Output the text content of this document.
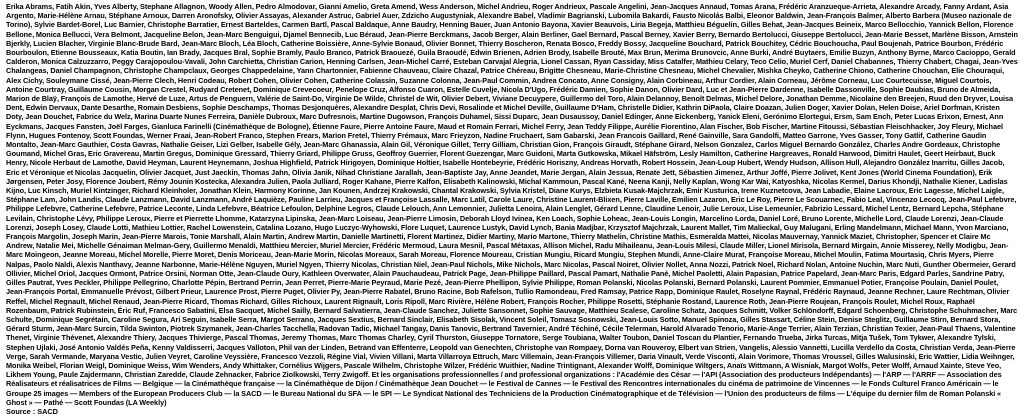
Erika Abrams, Fatih Akin, Yves Alberty, Stephane Allagnon, Woody Allen, Pedro Almodovar, Gianni Amelio, Greta Amend, Wess Anderson, Michel Andrieu, Roger Andrieux, Pascale Angelini, Jean-Jacques Annaud, Tomas Arana, Frédéric Aranzueque-Arrieta, Alexandre Arcady, Fanny Ardant, Asia Argento, Marie-Hélène Arnau, Stéphane Arnoux, Darren Aronofsky, Olivier Assayas, Alexander Astruc, Gabriel Auer, Zdzicho Augustyniak, Alexandre Babel, Vladimir Bagrianski, Lubomila Bakardi, Fausto Nicolás Balbi, Eleonor Baldwin, Jean-François Balmer, Alberto Barbera (Museo nazionale de Torino), Sylvie Bardet-Borel, Luc Barnier, Christophe Barratier, Ernest Barteldes, Carmen Bartl, Pascal Baldaque, Anne Baudry, Henning Bauer, Juan Antonio Bayona, Xavier Beauvois, Liria Begeja, Matthieu Béguelin, Gilles Behat, Jean-Jacques Beineix, Marco Bellocchio, Yannick Bellon, Florence Bellone, Monica Bellucci, Vera Belmont, Jacqueline Belon, Jean-Marc Benguigui, Djamel Bennecib, Luc Béraud, Jean-Pierre Berckmans, Jacob Berger, Alain Berliner, Gael Bernard, Pascal Berney, Xavier Berry, Bernardo Bertolucci, Giuseppe Bertolucci, Jean-Marie Besset, Marlène Bisson, Arnstein Bjerkly, Lucien Blacher, Virginie Blanc-Brude Bard, Jean-Marc Bloch, Léa Bloch, Catherine Boissière, Anne-Sylvie Bonaud, Olivier Bonnet, Thierry Boscheron, Renata Bosco, Freddy Bossy, Jacqueline Bouchard, Patrick Bouchitey, Cédric Bouchoucha, Paul Boujenah, Patrice Bourbon, Frédéric Bourboulon, Etienne Bousseaux, Katia Boutin, Ian Brady, Jacques Bral, Sophie Bramly, Paulo Branco, Patrick Braouezé, Guila Braoudé, Edwin Brienen, Adrien Brody, Isabelle Brouté, Max Brun, Merima Brunovcic, Anne Burki, André Buytaers, Emilie Buzyn, Anthony Byrne, Marco Cacioppo, Gerald Calderon, Monica Calzuzzarro, Peggy Carajopoulou-Vavali, John Carchietta, Christian Carion, Henning Carlsen, Jean-Michel Carré, Esteban Carvajal Alegria, Lionel Cassan, Ryan Cassiday, Miss Catalfer, Mathieu Celary, Teco Celio, Muriel Cerf, Daniel Chabannes, Thierry Chabert, Chagai, Jean-Yves Chalangeas, Daniel Champagnon, Christophe Champclaux, Georges Chappedelaine, Yann Chartonnier, Fabienne Chauveau, Claire Chazal, Patrice Chéreau, Brigitte Chesneau, Marie-Christine Chesneau, Michel Chevalier, Mishka Cheyko, Catherine Chiono, Catherine Chouchan, Elie Chouraqui, Alex Cichy, Souleymane Cissé, Jean-Pierre Clech, Henri Codeau, Robert Cohen, Olivier Cohen, Catherine Colassin, Suzanne Colonna, Jean-Paul Commin, Andrea Concato, Anne Consigny, Alain Corbineau, Arthur Cordier, Alain Corneau, Jérôme Corneau, Luc Courtecuisse, Miguel Courtois, Antoine Courtray, Guillaume Cousin, Morgan Crestel, Rudyard Cretenet, Dominique Crevecoeur, Penelope Cruz, Alfonso Cuaron, Estelle Cuvelje, Nicola D'Ugo, Frédéric Damien, Sophie Danon, Olivier Dard, Luc et Jean-Pierre Dardenne, Isabelle Dassonville, Sophie Daubias, Bruno de Almeida, Marion de Blaÿ, François de Lamothe, Hervé de Luze, Artus de Penguern, Valérie de Saint-Do, Virginie De Wilde, Christel de Wit, Olivier Debert, Viviane Decuypere, Guillermo del Toro, Alain Delannoy, Benoît Delmas, Michel Delore, Jonathan Demme, Nicolaine den Breejen, Ruud den Dryver, Louisa Dent, Edwin Dervaux, Dante Desarthe, Romain Desbiens, Sophie Deschamps, Thomas Desjonquères, Alexandre Desplat, Chris Devi, Rosalinde et Michel Deville, Guillaume D'Ham, Christelle Didier, Kathrin DiPaola, Claire Doazan, Julien Doger, Xavier Dolan, Helen Doise, Ariel Dorfman, Kristen Doty, Jean Douchet, Fabrice du Welz, Marina Duarte Nunes Ferreira, Danièle Dubroux, Marc Dufresnois, Martine Dugowson, François Duhamel, Sissi Duparc, Jean Dusaussoy, Daniel Edinger, Anne Eickenberg, Yanick Eleni, Gerónimo Elortegui, Ersm, Sam Ench, Peter Lucas Erixon, Ernest, Ann Eyckmans, Jacques Fansten, Joël Farges, Gianluca Farinelli (Cinémathèque de Bologne), Étienne Faure, Pierre Antoine Faure, Maud et Romain Ferrari, Michel Ferry, Jean Teddy Filippe, Aurélie Fiorentino, Alan Fischer, Bob Fischer, Martine Fitoussi, Sébastian Fleischhacker, Joy Fleury, Michael Flynn, Hugues Fontenoy, Scott Foundas, Werner Fraai, Jean-Robert Franco, Stephen Frears, Marion Fretel, Thierry Frémaux, Marc Frieyzon, Nadine Fruchaert, Sam Gabarski, Jean Francois Gaillard, René Gainville, Sara Gandolfi, Matteo Garrone, Yves Gasser, Tony Gatlif, Catherine Gaudin Montalto, Jean-Marc Gauthier, Costa Gavras, Nathalie Geiser, Lizi Gelber, Isabelle Gély, Jean-Marc Ghanassia, Alain Gil, Véronique Gillet, Terry Gilliam, Christian Gion, François Giraudt, Stéphane Girard, Nelson Gonzalez, Carlos Miguel Bernardo González, Charles Andre Gordeaux, Christophe Goumand, Michel Gras, Eric Gravereau, Martin Gregus, Dominique Gressard, Thierry Griard, Philippe Gruss, Geoffroy Guerrier, Florent Guezengar, Marc Guidoni, Marta Gutkowska, Mikael Häfström, Lesly Hamilton, Catherine Hargreaves, Ronald Harwood, Dimitri Haulet, Geert Heirbaut, Buck Henry, Nicole Herbaut de Lamothe, David Heyman, Laurent Heynemann, Joshua Highfield, Patrick Hirigoyen, Dominique Holtier, Isabelle Hontebeyrie, Frédéric Horiszny, Andreas Horvath, Robert Hossein, Jean-Loup Hubert, Wendy Hudson, Allison Hull, Alejandro González Inarritu, Gilles Jacob, Eric et Véronique et Nicolas Jacquelin, Olivier Jacquet, Just Jaeckin, Thomas Jahn, Olivia Janik, Nihad Christiane Jarallah, Jean-Baptiste Jay, Anne Jeandet, Marie Jergan, Alain Jessua, Renate Jett, Sébastien Jimenez, Arthur Joffé, Pierre Jolivet, Kent Jones (World Cinema Foundation), Erik Jørgensen, Peter Josy, Florence Joubert, Rémy Jounin Kostecka, Alexandra Julien, Paola Julliard, Roger Kahane, Pierre Kalfon, Elisabeth Kalinowski, Michal Kammoun, Pascal Kané, Neena Kanji, Nelly Kaplan, Wong Kar Wai, Katyoshka, Nicolas Kermel, Darius Khondji, Nathalie Kiener, Ladislas Kijno, Luc Kinsch, Muriel Kintzinger, Richard Kleinholer, Jonathan Klein, Harmony Korinne, Jan Kounen, Andrzej Krakowski, Chantal Krakowski, Sylvia Kristel, Diane Kurys, Elzbieta Kusak-Majchrzak, Emir Kusturica, Irene Kuznetcova, Jean Labadie, Elaine Lacroux, Eric Lagesse, Michel Laigle, Stéphane Lam, John Landis, Claude Lanzmann, David Lanzmann, André Laquièze, Pauline Larrieu, Jacques et Françoise Lassalle, Marc Latil, Carole Laure, Christine Laurent-Blixen, Pierre Laville, Emilien Lazaron, Eric Le Roy, Pierre Le Scouarnec, Fabio Leal, Vincenzo Lecocq, Jean-Paul Lefebvre, Philippe Lefebvre, Catherine Lefebvre, Patrice Leconte, Linda Lefebvre, Béatrice Lefoulon, Delphine Legros, Claude Lelouch, Ann Lemonnier, Julietta Lenoira, Alain Lenglet, Gérard Lenne, Claudine Lenoir, Julie Leroux, Lise Lemeunier, Fabrizio Lessard, Michel Lentz, Bernard Lepcha, Stéphane Levilain, Christophe Lévy, Philippe Leroux, Pierre et Pierrette Lhomme, Katarzyna Lipinska, Jean-Marc Loiseau, Jean-Pierre Limosin, Deborah Lloyd Ivinea, Ken Loach, Sophie Loheac, Jean-Louis Longin, Marcelino Lorda, Daniel Loré, Bruno Lorente, Michelle Lord, Claude Lorenzi, Jean-Claude Lorenzi, Joseph Losey, Claude Lotti, Mathieu Lottier, Rachel Lowenstein, Catalina Lozano, Hugo Luczyc-Wyhowski, Flore Luquet, Laurence Lustyk, David Lynch, Bania Madjbar, Krzysztof Majchrzak, Laurent Mallet, Tim Malieckal, Guy Malugani, Erling Mandelmann, Michael Mann, Yvon Marciano, François Margolin, Joseph Marin, Jean-Pierre Marois, Tonie Marshall, Alain Martin, Andrew Martin, Danielle Martinetti, Florent Martinez, Didier Martiny, Mario Martone, Thierry Mathelin, Christine Mathis, Esmeralda Mattei, Nicolas Mauvernay, Yannick Maziet, Christopher, Spencer et Claire Mc Andrew, Natalie Mei, Michelle Génaiman Melman-Gery, Guillermo Menaldi, Matthieu Mercier, Muriel Mercier, Frédéric Mermoud, Laura Mesnil, Pascal Métaxas, Allison Michel, Radu Mihaileanu, Jean-Louis Milesi, Claude Miller, Lionel Mirisola, Bernard Mirgain, Annie Misserey, Nelly Modigbu, Jean-Marc Moingeon, Jeanne Moreau, Michel Morelle, Pierre Moret, Denis Moriceau, Jean-Marie Morin, Nicolas Moreaux, Sarah Moreau, Florence Moureau, Cristian Mungiu, Ricard Mungiu, Stephen Mundi, Anne-Claire Murat, Françoise Moreau, Michel Moulin, Fatima Mourtasiq, Chris Myers, Pierre Nalpas, Paolo Naldi, Alexis Nanthavy, Jeanne Narbonne, Marie-Hélène Nguyen, Muriel Ngyen, Thierry Nicolas, Christian Niel, Jean-Paul Nichols, Mike Nichols, Marc Nicolas, Pascal Noiret, Olivier Nollet, Anna Nozzi, Patrick Noel, Richard Nolan, Antoine Nuchin, Marc Nuti, Gunther Obermeier, Gerard Ollivier, Michel Oriol, Jacques Ormont, Patrice Orsini, Norman Otte, Jean-Claude Oury, Kathleen Overwater, Alain Pauchaudeau, Patrick Page, Jean-Philippe Paillard, Pascal Pamart, Nathalie Pané, Michel Paoletti, Alain Papasian, Patrice Papelard, Jean-Marc Paris, Edgard Parles, Sandrine Patry, Gilles Pautrat, Yves Peckler, Philippe Pellegrino, Charlotte Pépin, Bertrand Perrin, Jean Perret, Pierre-Marie Peyraud, Marie Pezé, Jean-Pierre Phellipon, Sylvie Philippe, Roman Polanski, Nicolas Polanski, Bernard Polanski, Laurent Pommier, Emmanuel Potier, Françoise Poulain, Daniel Poulet, Jean-François Portal, Emmanuelle Prévost, Gilbert Prieur, Laurence Prost, Pierre Puget, Olivier Py, Jean-Pierre Rabatel, Bruno Racine, Bob Rafelson, Tullio Ramondeau, Fred Ramsay, Patrice Rapp, Dominique Raulet, Roselyne Raynal, Frédéric Raynaud, Jeanne Rechner, Laure Rechtman, Olivier Reffel, Michel Regnault, Michel Renaud, Jean-Pierre Ricard, Thomas Richard, Gilles Richoux, Laurent Rignault, Loris Ripoll, Marc Rivière, Hélène Robert, François Rocher, Philippe Rosetti, Stéphanie Rostand, Laurence Roth, Jean-Pierre Roujean, François Roulet, Michel Roux, Raphaël Rozenbaum, Patrick Rubinstein, Éric Ruf, Francesco Sabatini, Elsa Sacquet, Michel Sailly, Bernard Salvatierra, Jean-Claude Sanchez, Juliette Sansonnet, Sophie Sauvage, Matthieu Scalese, Caroline Schatz, Jacques Schmitt, Volker Schlöndorff, Edgard Schoenberg, Christophe Schuhmacher, Marc Schulte, Dominique Segrétain, Caroline Segura, Ari Seguin, Isabelle Serra, Margot Serrano, Jacques Sextius, Bernard Sinclair, Elisabeth Sisolak, Vincent Soleil, Tomasz Sosnowski, Jean-Louis Sotto, Manuel Spinoza, Gilles Stassart, Céline Stein, Denise Steglitz, Guillaume Stirn, Bernard Stora, Gérard Sturm, Jean-Marc Surcin, Tilda Swinton, Piotrek Szymanek, Jean-Charles Tacchella, Radovan Tadic, Michael Tangay, Danis Tanovic, Bertrand Tavernier, André Téchiné, Cécile Telerman, Harold Alvarado Tenorio, Marie-Ange Terrier, Alain Terzian, Christian Texier, Jean-Paul Thaens, Valentine Thenet, Virginie Thévenet, Alexandre Thiery, Jacques Thivierge, Pascal Thomas, Jeremy Thomas, Marc Thomas Charley, Cyril Thurston, Giuseppe Tornatore, Serge Toubiana, Walter Toubon, Daniel Toscan du Plantier, Fernando Trueba, Jirka Turcas, Mitja Tušek, Tom Tykwer, Alexandre Tylski, Stephen Ujlaki, José Antonio Valdés Peña, Kenny Valdisserri, Jacques Valloton, Phil van der Linden, Betrand van Effenterre, Leopold van Genechten, Christophe van Rompaey, Dorna van Rouveroy, Elbert van Strien, Vangelis, Alessio Vannetti, Lucilla Verdello da Costa, Christian Verda, Jean-Pierre Verge, Sarah Vermande, Maryana Vestic, Julien Veyret, Caroline Veyssière, Francesco Vezzoli, Régine Vial, Vivien Villani, Marta Villarroya Ettruch, Marc Villemain, Jean-François Villemer, Daria Vinault, Verde Visconti, Alain Vorimore, Thomas Vroussel, Gilles Walusinski, Eric Wattier, Lidia Weihnger, Monika Weibel, Florian Weigl, Dominique Weiss, Wim Wenders, Andy Whittaker, Cornélius Wijgers, Pascale Wilhelm, Christophe Wilzer, Frédéric Wuithier, Nadine Trintignant, Alexander Wolff, Dominique Wiltgers, Anaïs Wittmann, A Wisniak, Margot Wolfs, Peter Wolff, Arnaud Xainte, Steve Yeo, Likhem Young, Paule Zajdermann, Christian Zaredde, Claude Zehnacker, Fabrice Ziolkowski, Terry Zwigoff. Et les organisations professionnelles / and professional organizations : l'Académie des César — l'API (Association des producteurs Indépendants) — l'ARP — l'ARRF — Association des Réalisateurs et réalisatrices de Films — Belgique — la Cinémathèque française — la Cinémathèque de Dijon / Cinémathèque Jean Douchet — le Festival de Cannes — le Festival des Rencontres internationales du cinéma de patrimoine de Vincennes — le Fonds Culturel Franco Américain — le Groupe 25 images — Members of the European Producers Club — la SACD — le Bureau National du SFA — le SPI — Le Syndicat National des Techniciens de la Production Cinématographique et de Télévision — l'Union des producteurs de films — L'équipe du dernier film de Roman Polanski « Ghost » — Pathé — Scott Foundas (LA Weekly)

Source : SACD
